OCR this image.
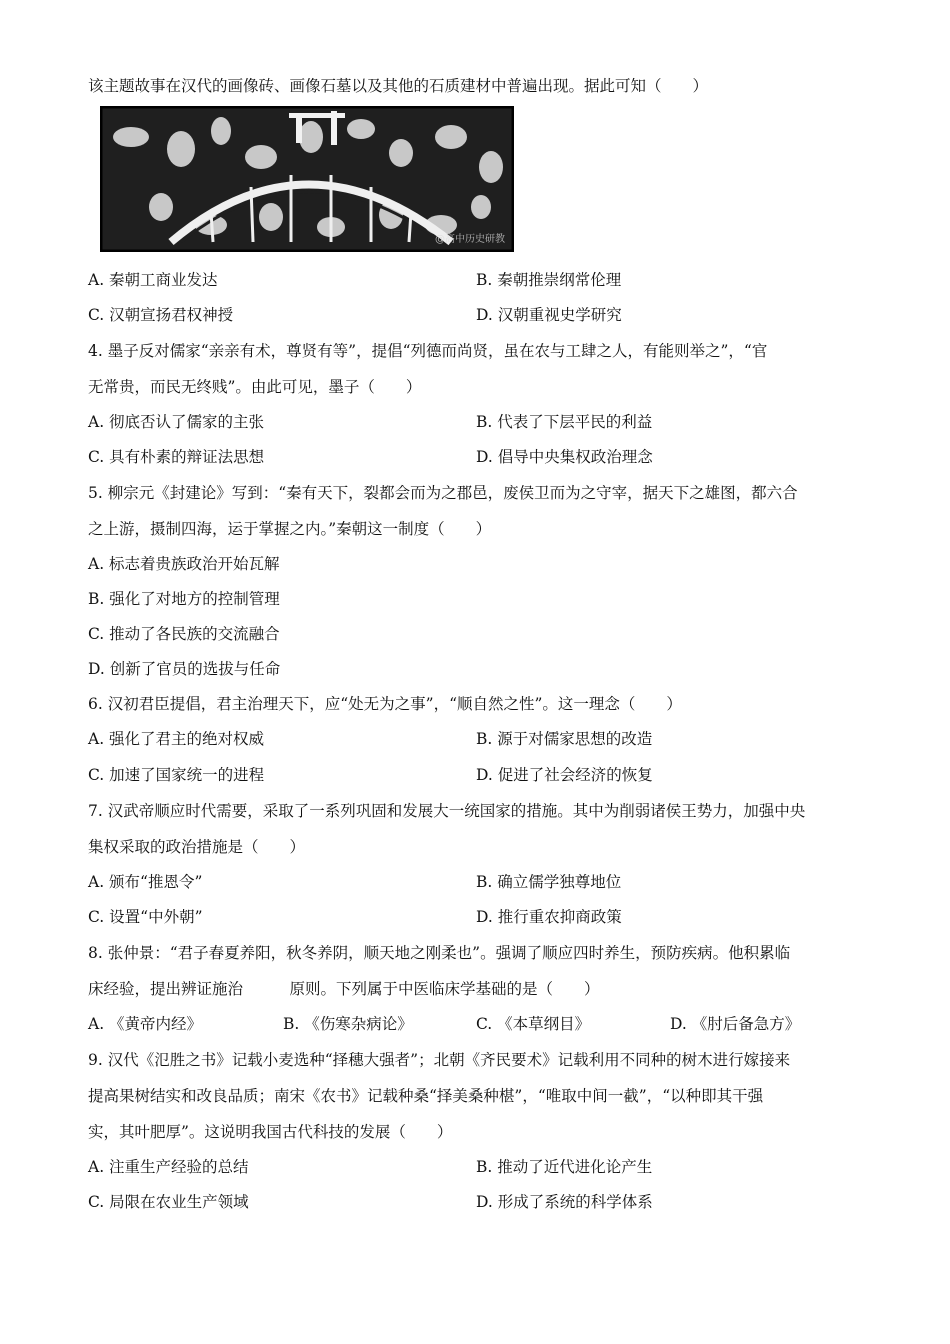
该主题故事在汉代的画像砖、画像石墓以及其他的石质建材中普遍出现。据此可知（　　）
@高中历史研教
A. 秦朝工商业发达	B. 秦朝推崇纲常伦理
C. 汉朝宣扬君权神授	D. 汉朝重视史学研究
4. 墨子反对儒家“亲亲有术，尊贤有等”，提倡“列德而尚贤，虽在农与工肆之人，有能则举之”，“官
无常贵，而民无终贱”。由此可见，墨子（　　）
A. 彻底否认了儒家的主张	B. 代表了下层平民的利益
C. 具有朴素的辩证法思想	D. 倡导中央集权政治理念
5. 柳宗元《封建论》写到：“秦有天下，裂都会而为之郡邑，废侯卫而为之守宰，据天下之雄图，都六合
之上游，摄制四海，运于掌握之内。”秦朝这一制度（　　）
A. 标志着贵族政治开始瓦解
B. 强化了对地方的控制管理
C. 推动了各民族的交流融合
D. 创新了官员的选拔与任命
6. 汉初君臣提倡，君主治理天下，应“处无为之事”，“顺自然之性”。这一理念（　　）
A. 强化了君主的绝对权威	B. 源于对儒家思想的改造
C. 加速了国家统一的进程	D. 促进了社会经济的恢复
7. 汉武帝顺应时代需要，采取了一系列巩固和发展大一统国家的措施。其中为削弱诸侯王势力，加强中央
集权采取的政治措施是（　　）
A. 颁布“推恩令”	B. 确立儒学独尊地位
C. 设置“中外朝”	D. 推行重农抑商政策
8. 张仲景：“君子春夏养阳，秋冬养阴，顺天地之刚柔也”。强调了顺应四时养生，预防疾病。他积累临
床经验，提出辨证施治　　　原则。下列属于中医临床学基础的是（　　）
A. 《黄帝内经》	B. 《伤寒杂病论》	C. 《本草纲目》	D. 《肘后备急方》
9. 汉代《氾胜之书》记载小麦选种“择穗大强者”；北朝《齐民要术》记载利用不同种的树木进行嫁接来
提高果树结实和改良品质；南宋《农书》记载种桑“择美桑种椹”，“唯取中间一截”，“以种即其干强
实，其叶肥厚”。这说明我国古代科技的发展（　　）
A. 注重生产经验的总结	B. 推动了近代进化论产生
C. 局限在农业生产领域	D. 形成了系统的科学体系
